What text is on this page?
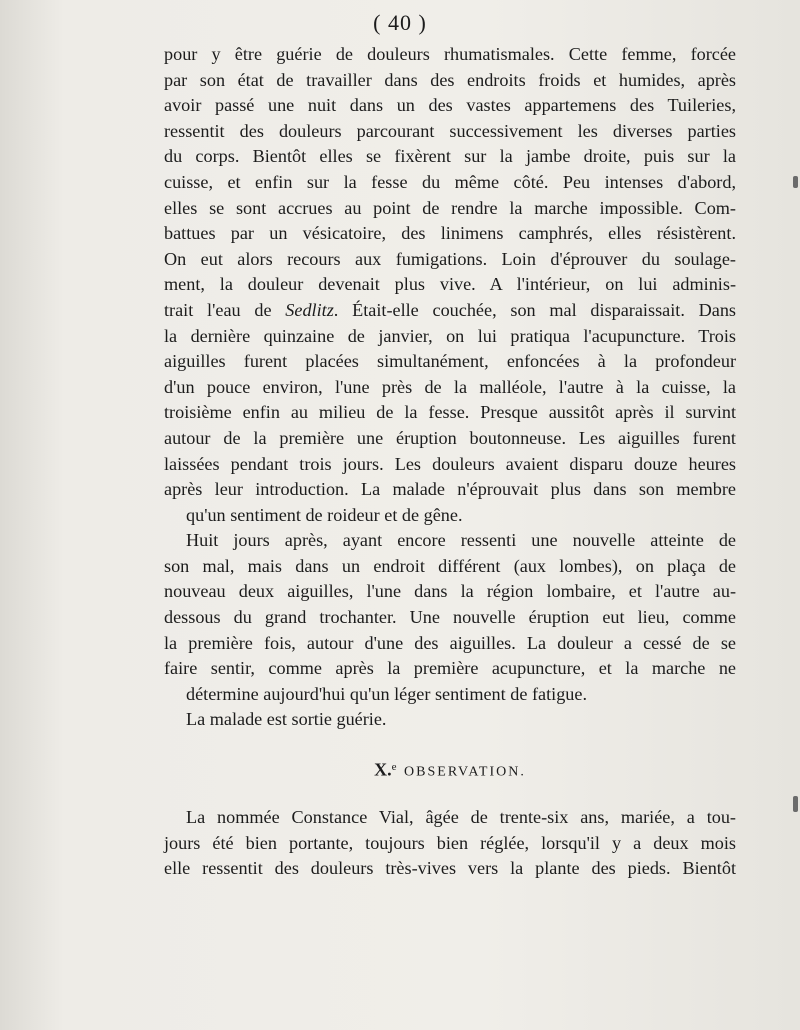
( 40 )

pour y être guérie de douleurs rhumatismales. Cette femme, forcée

par son état de travailler dans des endroits froids et humides, après

avoir passé une nuit dans un des vastes appartemens des Tuileries,

ressentit des douleurs parcourant successivement les diverses parties

du corps. Bientôt elles se fixèrent sur la jambe droite, puis sur la

cuisse, et enfin sur la fesse du même côté. Peu intenses d'abord,

elles se sont accrues au point de rendre la marche impossible. Com-

battues par un vésicatoire, des linimens camphrés, elles résistèrent.

On eut alors recours aux fumigations. Loin d'éprouver du soulage-

ment, la douleur devenait plus vive. A l'intérieur, on lui adminis-

trait l'eau de Sedlitz. Était-elle couchée, son mal disparaissait. Dans

la dernière quinzaine de janvier, on lui pratiqua l'acupuncture. Trois

aiguilles furent placées simultanément, enfoncées à la profondeur

d'un pouce environ, l'une près de la malléole, l'autre à la cuisse, la

troisième enfin au milieu de la fesse. Presque aussitôt après il survint

autour de la première une éruption boutonneuse. Les aiguilles furent

laissées pendant trois jours. Les douleurs avaient disparu douze heures

après leur introduction. La malade n'éprouvait plus dans son membre

qu'un sentiment de roideur et de gêne.

Huit jours après, ayant encore ressenti une nouvelle atteinte de

son mal, mais dans un endroit différent (aux lombes), on plaça de

nouveau deux aiguilles, l'une dans la région lombaire, et l'autre au-

dessous du grand trochanter. Une nouvelle éruption eut lieu, comme

la première fois, autour d'une des aiguilles. La douleur a cessé de se

faire sentir, comme après la première acupuncture, et la marche ne

détermine aujourd'hui qu'un léger sentiment de fatigue.

La malade est sortie guérie.

X.$^e$ OBSERVATION.

La nommée Constance Vial, âgée de trente-six ans, mariée, a tou-

jours été bien portante, toujours bien réglée, lorsqu'il y a deux mois

elle ressentit des douleurs très-vives vers la plante des pieds. Bientôt
